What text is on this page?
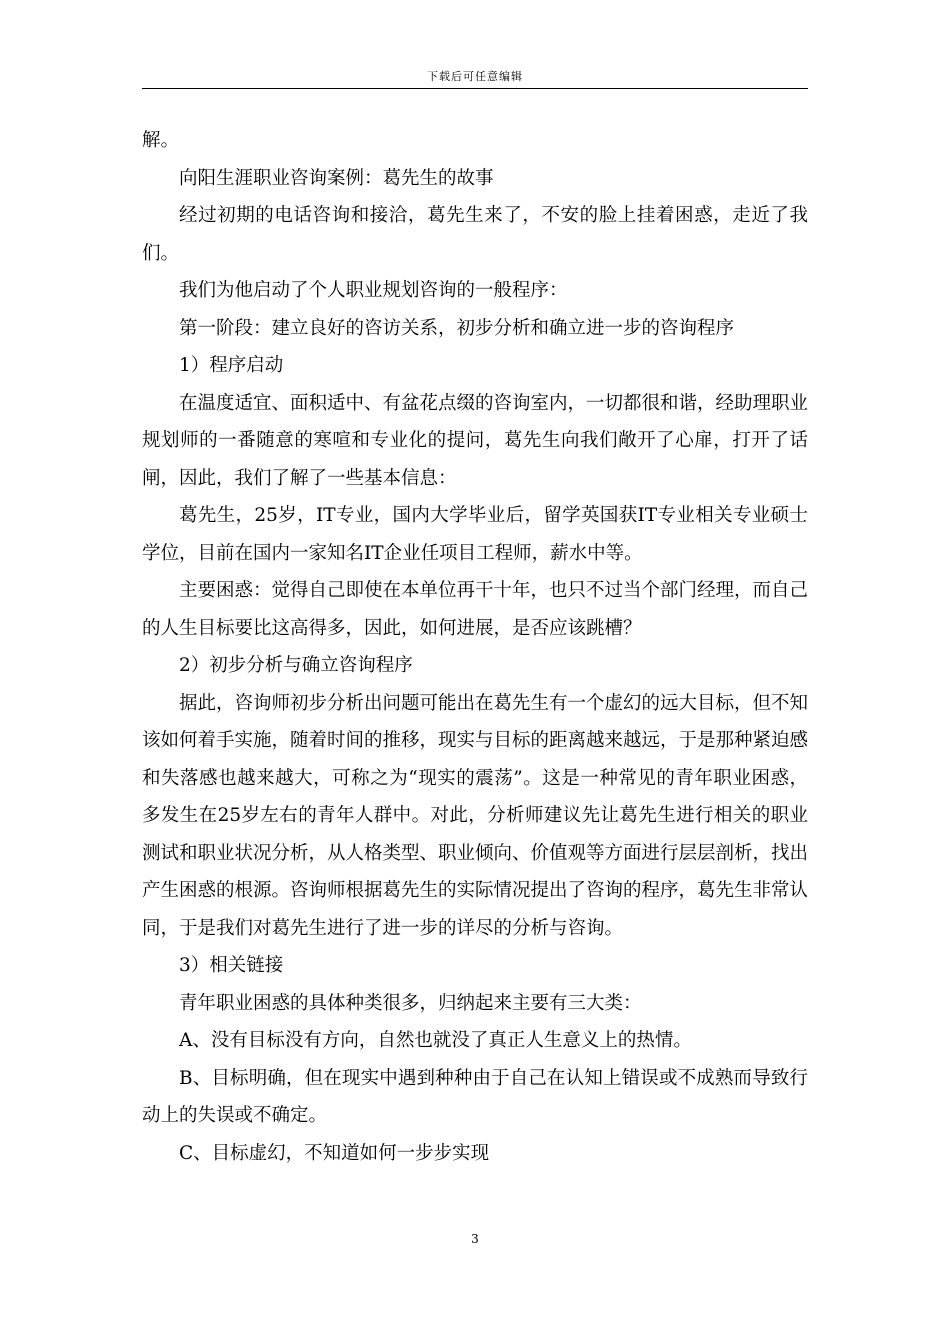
下载后可任意编辑

解。

向阳生涯职业咨询案例：葛先生的故事

经过初期的电话咨询和接洽，葛先生来了，不安的脸上挂着困惑，走近了我们。

我们为他启动了个人职业规划咨询的一般程序：

第一阶段：建立良好的咨访关系，初步分析和确立进一步的咨询程序

1）程序启动

在温度适宜、面积适中、有盆花点缀的咨询室内，一切都很和谐，经助理职业规划师的一番随意的寒喧和专业化的提问，葛先生向我们敞开了心扉，打开了话闸，因此，我们了解了一些基本信息：

葛先生，25岁，IT专业，国内大学毕业后，留学英国获IT专业相关专业硕士学位，目前在国内一家知名IT企业任项目工程师，薪水中等。

主要困惑：觉得自己即使在本单位再干十年，也只不过当个部门经理，而自己的人生目标要比这高得多，因此，如何进展，是否应该跳槽？

2）初步分析与确立咨询程序

据此，咨询师初步分析出问题可能出在葛先生有一个虚幻的远大目标，但不知该如何着手实施，随着时间的推移，现实与目标的距离越来越远，于是那种紧迫感和失落感也越来越大，可称之为“现实的震荡”。这是一种常见的青年职业困惑，多发生在25岁左右的青年人群中。对此，分析师建议先让葛先生进行相关的职业测试和职业状况分析，从人格类型、职业倾向、价值观等方面进行层层剖析，找出产生困惑的根源。咨询师根据葛先生的实际情况提出了咨询的程序，葛先生非常认同，于是我们对葛先生进行了进一步的详尽的分析与咨询。

3）相关链接

青年职业困惑的具体种类很多，归纳起来主要有三大类：

A、没有目标没有方向，自然也就没了真正人生意义上的热情。

B、目标明确，但在现实中遇到种种由于自己在认知上错误或不成熟而导致行动上的失误或不确定。

C、目标虚幻，不知道如何一步步实现

3
